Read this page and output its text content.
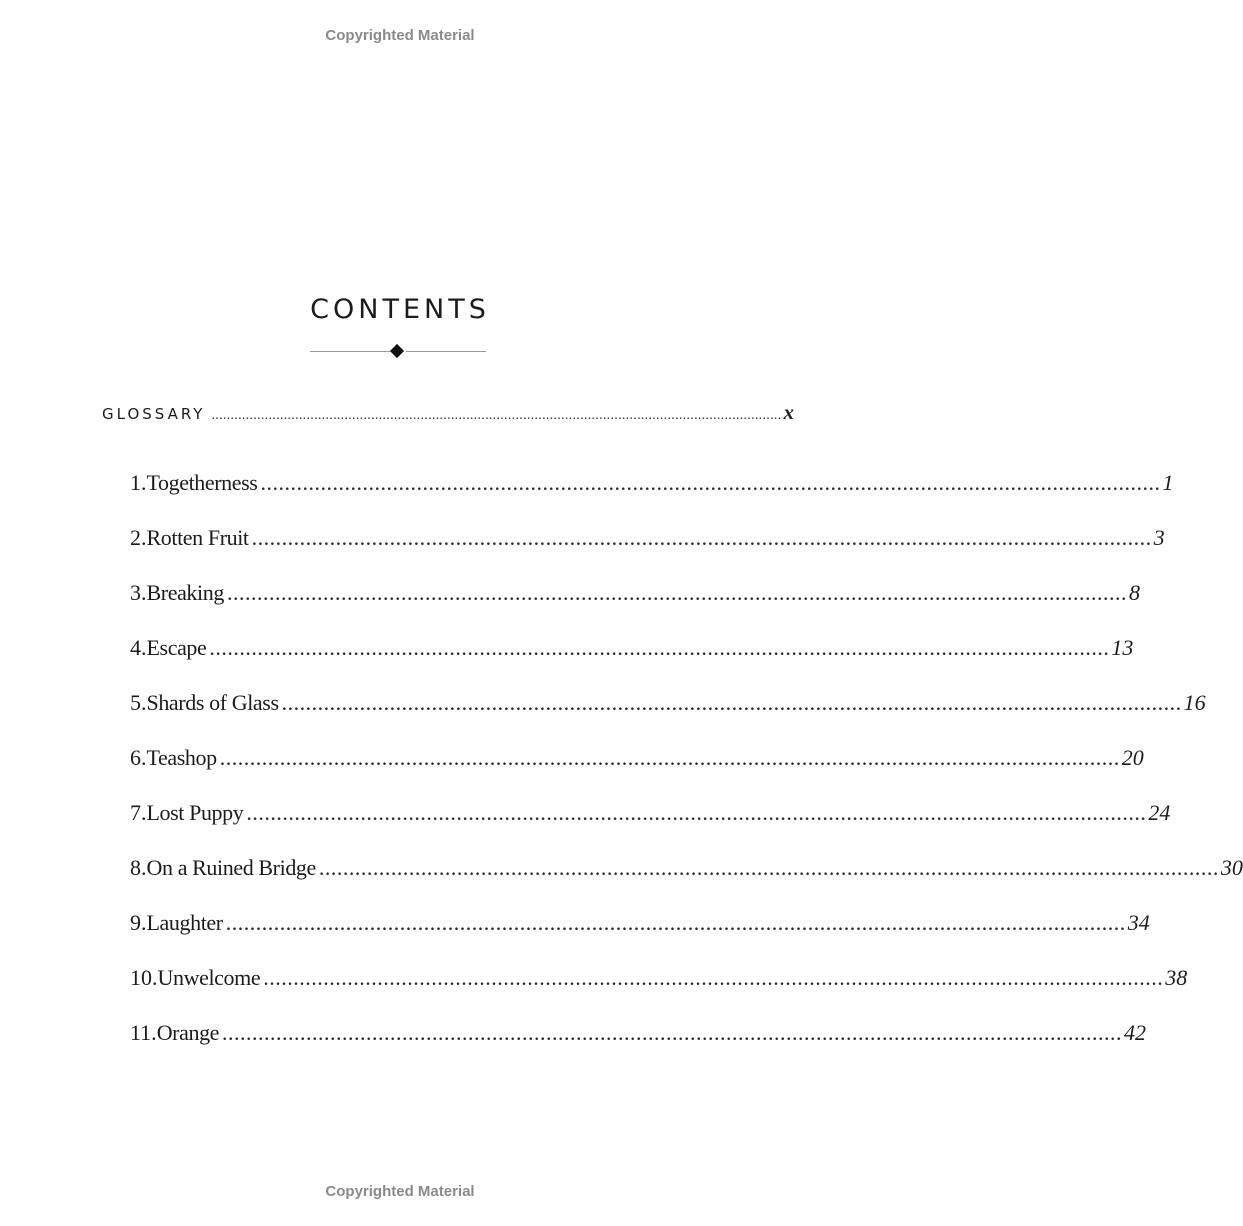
Copyrighted Material
CONTENTS
GLOSSARY ...................................................................................................................................................... x
1. Togetherness ...................................................................................................................................................... 1
2. Rotten Fruit ...................................................................................................................................................... 3
3. Breaking ...................................................................................................................................................... 8
4. Escape ...................................................................................................................................................... 13
5. Shards of Glass ...................................................................................................................................................... 16
6. Teashop ...................................................................................................................................................... 20
7. Lost Puppy ...................................................................................................................................................... 24
8. On a Ruined Bridge ...................................................................................................................................................... 30
9. Laughter ...................................................................................................................................................... 34
10. Unwelcome ...................................................................................................................................................... 38
11. Orange ...................................................................................................................................................... 42
Copyrighted Material
